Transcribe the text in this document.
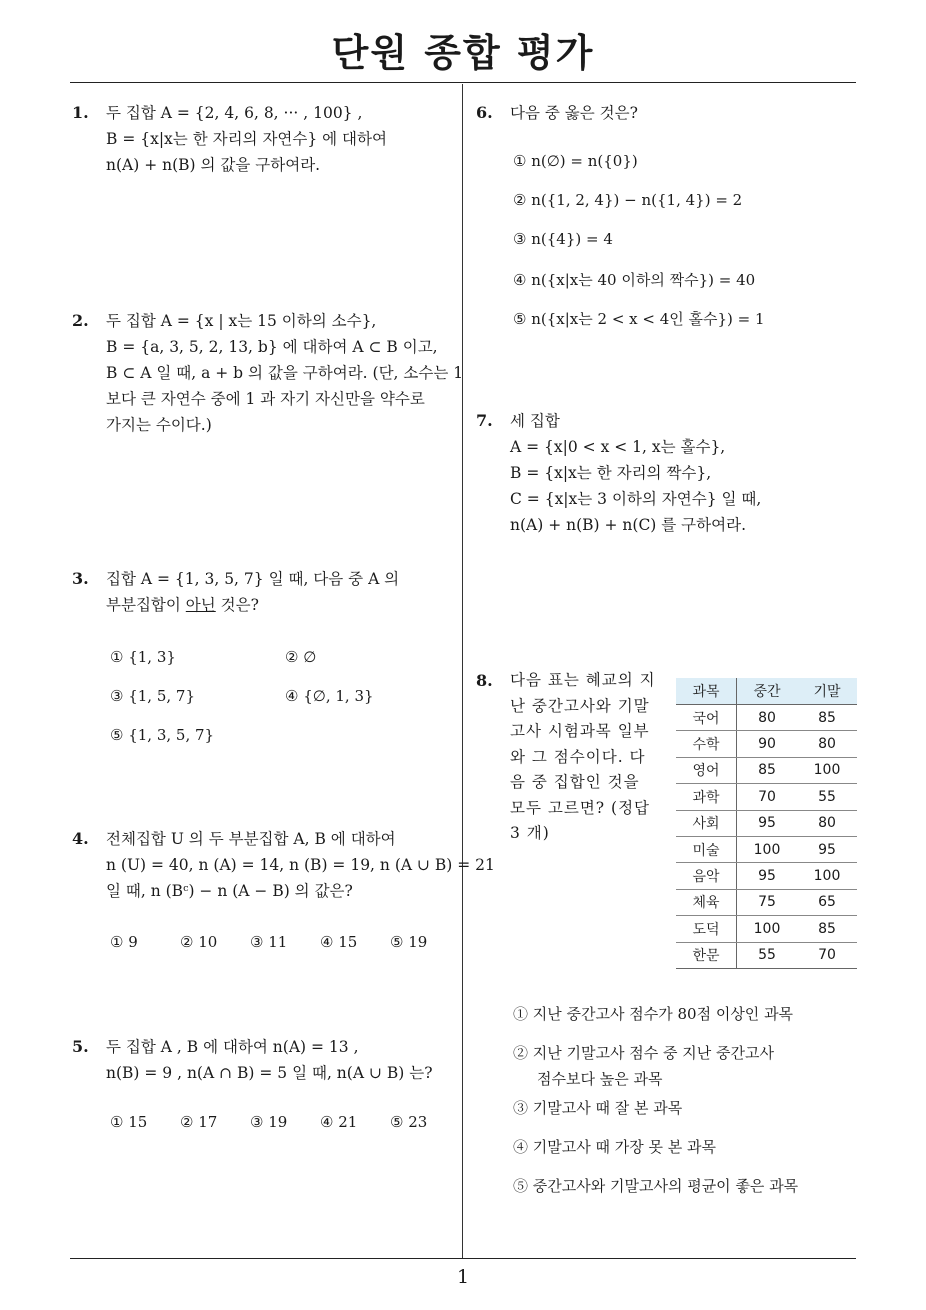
단원 종합 평가
1
1. 두 집합 A = {2, 4, 6, 8, ··· , 100} ,
B = {x|x는 한 자리의 자연수} 에 대하여
n(A) + n(B) 의 값을 구하여라.
2. 두 집합 A = {x | x는 15 이하의 소수},
B = {a, 3, 5, 2, 13, b} 에 대하여 A ⊂ B 이고,
B ⊂ A 일 때, a + b 의 값을 구하여라. (단, 소수는 1
보다 큰 자연수 중에 1 과 자기 자신만을 약수로
가지는 수이다.)
3. 집합 A = {1, 3, 5, 7} 일 때, 다음 중 A 의
부분집합이 아닌 것은?
① {1, 3}	② ∅
③ {1, 5, 7}	④ {∅, 1, 3}
⑤ {1, 3, 5, 7}
4. 전체집합 U 의 두 부분집합 A, B 에 대하여
n (U) = 40, n (A) = 14, n (B) = 19, n (A ∪ B) = 21
일 때, n (Bᶜ) − n (A − B) 의 값은?
① 9	② 10 ③ 11 ④ 15 ⑤ 19
5. 두 집합 A , B 에 대하여 n(A) = 13 ,
n(B) = 9 , n(A ∩ B) = 5 일 때, n(A ∪ B) 는?
① 15 ② 17 ③ 19 ④ 21 ⑤ 23
6. 다음 중 옳은 것은?
① n(∅) = n({0})
② n({1, 2, 4}) − n({1, 4}) = 2
③ n({4}) = 4
④ n({x|x는 40 이하의 짝수}) = 40
⑤ n({x|x는 2 < x < 4인 홀수}) = 1
7. 세 집합
A = {x|0 < x < 1, x는 홀수},
B = {x|x는 한 자리의 짝수},
C = {x|x는 3 이하의 자연수} 일 때,
n(A) + n(B) + n(C) 를 구하여라.
8. 다음 표는 혜교의 지난 중간고사와 기말고사 시험과목 일부와 그 점수이다. 다음 중 집합인 것을 모두 고르면? (정답 3 개)
과목	중간	기말
국어	80	85
수학	90	80
영어	85	100
과학	70	55
사회	95	80
미술	100	95
음악	95	100
체육	75	65
도덕	100	85
한문	55	70
① 지난 중간고사 점수가 80점 이상인 과목
② 지난 기말고사 점수 중 지난 중간고사
점수보다 높은 과목
③ 기말고사 때 잘 본 과목
④ 기말고사 때 가장 못 본 과목
⑤ 중간고사와 기말고사의 평균이 좋은 과목
